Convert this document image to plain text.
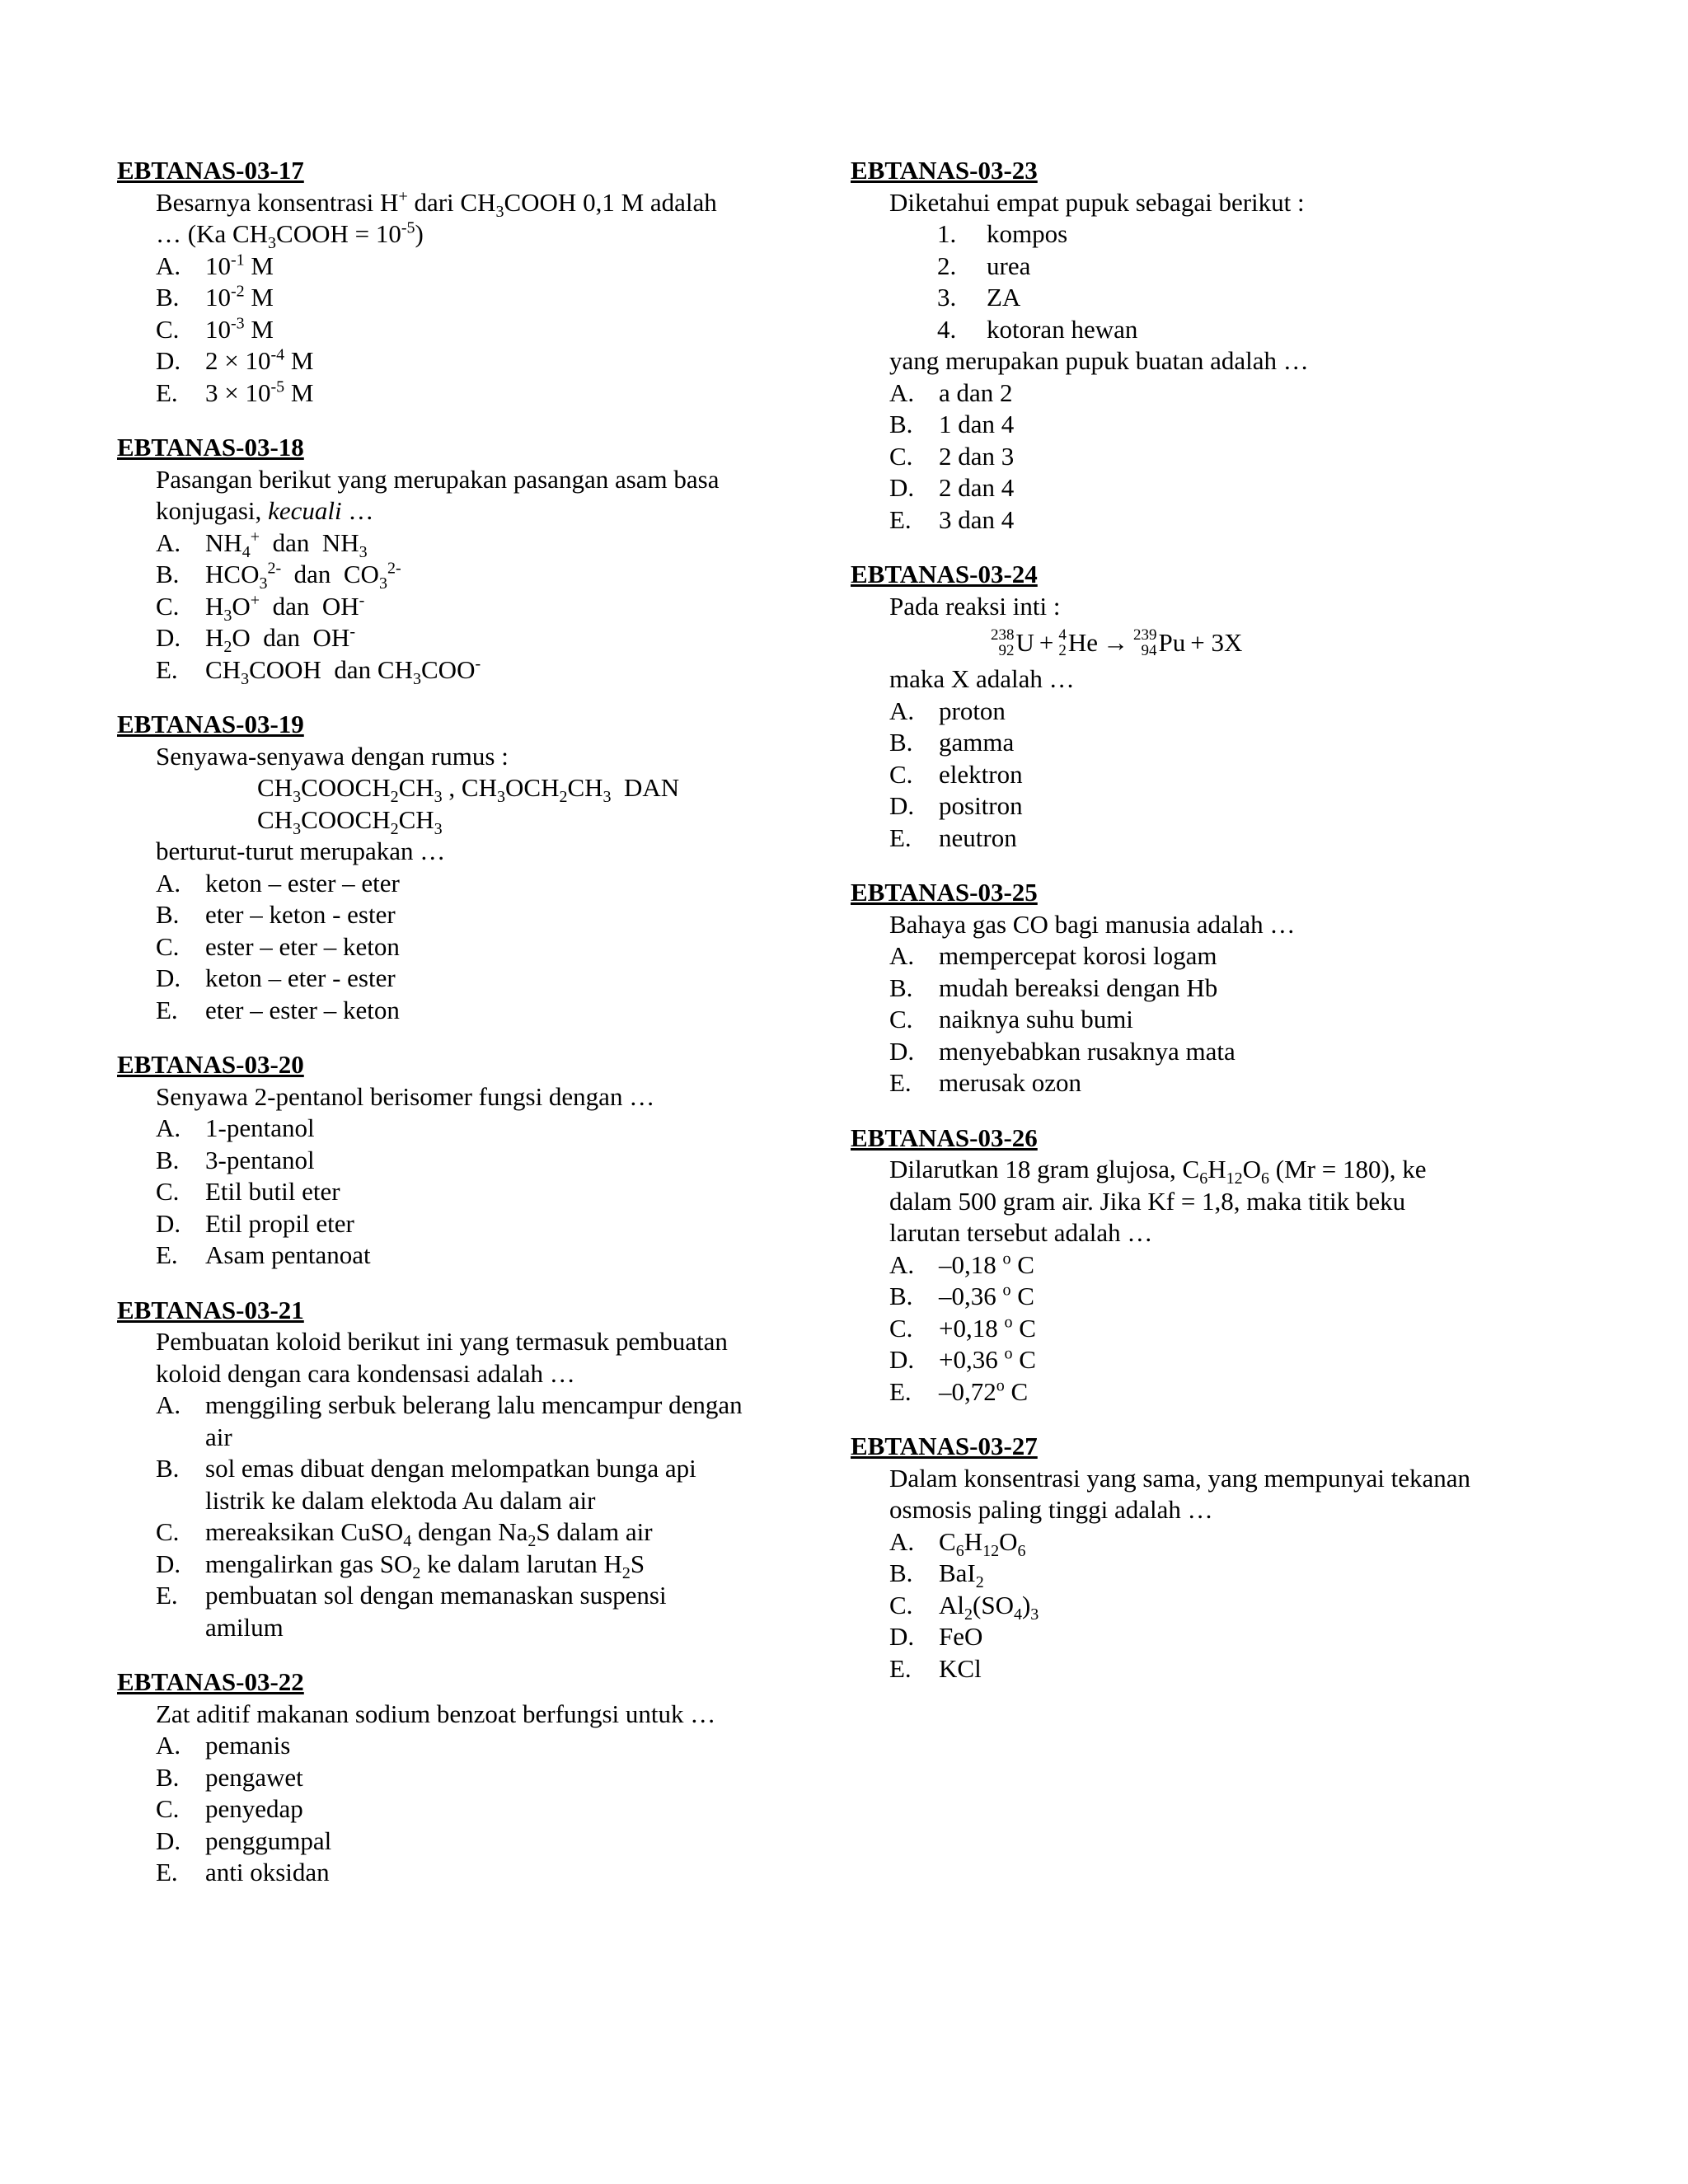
EBTANAS-03-17
Besarnya konsentrasi H+ dari $CH_3COOH$ 0,1 M adalah
… (Ka $CH_3COOH = 10^{-5}$)
A. $10^{-1}$ M
B.	$10^{-2}$ M
C.	$10^{-3}$ M
D. $2 \times 10^{-4}$ M
E.	$3 \times 10^{-5}$ M
EBTANAS-03-18
Pasangan berikut yang merupakan pasangan asam basa
konjugasi, kecuali …
A. $NH_4^+$  dan  $NH_3$
B.	$HCO_3^{2-}$  dan  $CO_3^{2-}$
C.	$H_3O^+$  dan  OH-
D. $H_2O$  dan  OH-
E.	$CH_3COOH$  dan $CH_3COO^-$
EBTANAS-03-19
Senyawa-senyawa dengan rumus :
$CH_3COOCH_2CH_3$ , $CH_3OCH_2CH_3$  DAN
$CH_3COOCH_2CH_3$
berturut-turut merupakan …
A. keton – ester – eter
B.	eter – keton - ester
C.	ester – eter – keton
D. keton – eter - ester
E.	eter – ester – keton
EBTANAS-03-20
Senyawa 2-pentanol berisomer fungsi dengan …
A. 1-pentanol
B.	3-pentanol
C.	Etil butil eter
D. Etil propil eter
E.	Asam pentanoat
EBTANAS-03-21
Pembuatan koloid berikut ini yang termasuk pembuatan
koloid dengan cara kondensasi adalah …
A. menggiling serbuk belerang lalu mencampur dengan
air
B.	sol emas dibuat dengan melompatkan bunga api
listrik ke dalam elektoda Au dalam air
C.	mereaksikan CuSO$_4$ dengan $Na_2S$ dalam air
D. mengalirkan gas $SO_2$ ke dalam larutan $H_2S$
E.	pembuatan sol dengan memanaskan suspensi
amilum
EBTANAS-03-22
Zat aditif makanan sodium benzoat berfungsi untuk …
A. pemanis
B.	pengawet
C.	penyedap
D. penggumpal
E.	anti oksidan
EBTANAS-03-23
Diketahui empat pupuk sebagai berikut :
1.	kompos
2.	urea
3.	ZA
4.	kotoran hewan
yang merupakan pupuk buatan adalah …
A. a dan 2
B.	1 dan 4
C.	2 dan 3
D. 2 dan 4
E.	3 dan 4
EBTANAS-03-24
Pada reaksi inti :
238
92 U + 4
2 He → 239
94 Pu + 3X
maka X adalah …
A. proton
B.	gamma
C.	elektron
D. positron
E.	neutron
EBTANAS-03-25
Bahaya gas CO bagi manusia adalah …
A. mempercepat korosi logam
B.	mudah bereaksi dengan Hb
C.	naiknya suhu bumi
D. menyebabkan rusaknya mata
E.	merusak ozon
EBTANAS-03-26
Dilarutkan 18 gram glujosa, $C_6H_{12}O_6$ (Mr = 180), ke
dalam 500 gram air. Jika Kf = 1,8, maka titik beku
larutan tersebut adalah …
A. –0,18 $^o$ C
B.	–0,36 $^o$ C
C.	+0,18 $^o$ C
D. +0,36 $^o$ C
E.	–0,72$^o$ C
EBTANAS-03-27
Dalam konsentrasi yang sama, yang mempunyai tekanan
osmosis paling tinggi adalah …
A. $C_6H_{12}O_6$
B.	BaI$_2$
C.	$Al_2(SO_4)_3$
D. FeO
E.	KCl
